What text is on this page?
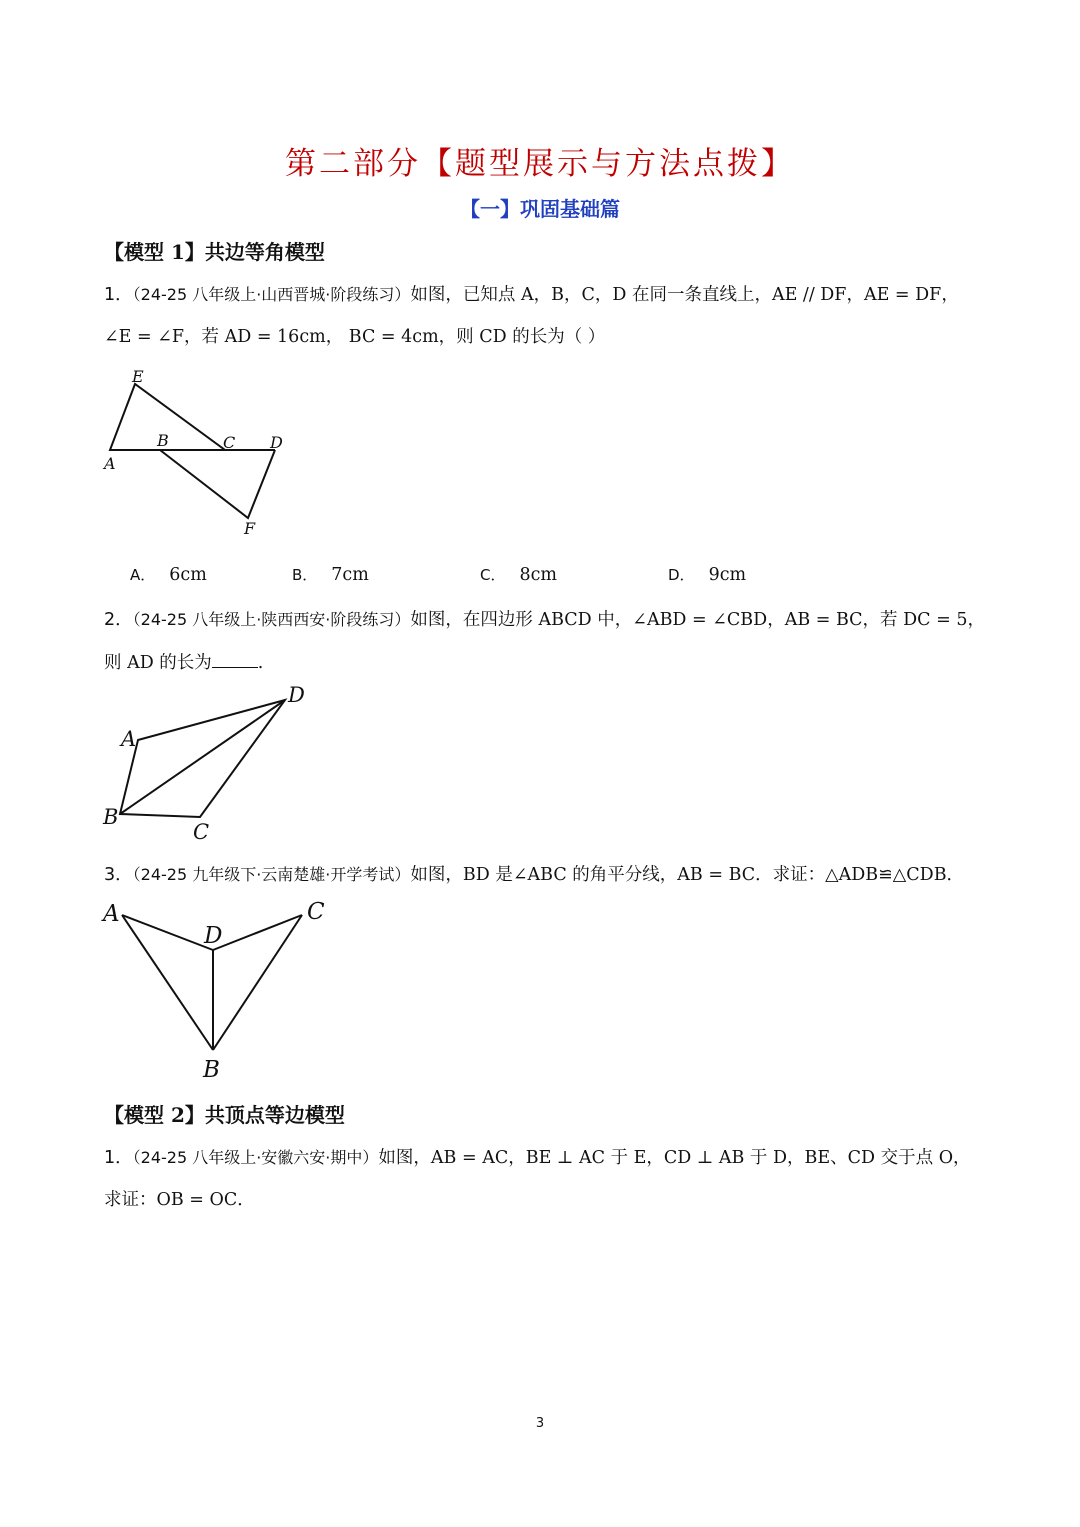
第二部分【题型展示与方法点拨】
【一】巩固基础篇
【模型 1】共边等角模型
1．（24-25 八年级上·山西晋城·阶段练习）如图，已知点 A，B，C，D 在同一条直线上，AE // DF，AE = DF，
∠E = ∠F，若 AD = 16cm， BC = 4cm，则 CD 的长为（ ）
E
A
B	C D
F
A． 6cm	B． 7cm	C． 8cm	D． 9cm
2．（24-25 八年级上·陕西西安·阶段练习）如图，在四边形 ABCD 中，∠ABD = ∠CBD，AB = BC，若 DC = 5，
则 AD 的长为	.
A
B
C
D
3．（24-25 九年级下·云南楚雄·开学考试）如图，BD 是∠ABC 的角平分线，AB = BC．求证：△ADB≌△CDB．
A
D
C
B
【模型 2】共顶点等边模型
1．（24-25 八年级上·安徽六安·期中）如图，AB = AC，BE ⊥ AC 于 E，CD ⊥ AB 于 D，BE、CD 交于点 O，
求证：OB = OC．
3
